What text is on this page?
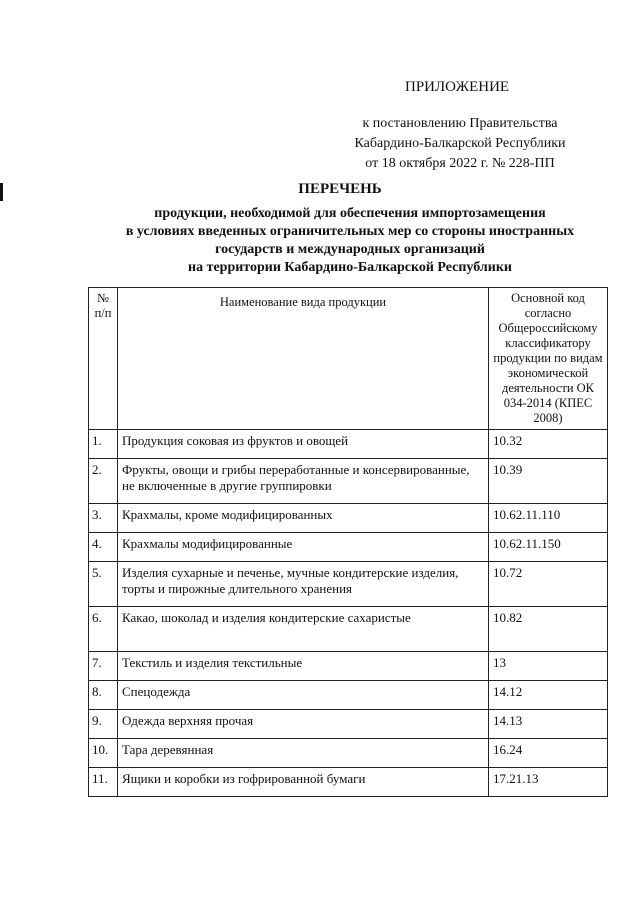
ПРИЛОЖЕНИЕ
к постановлению Правительства
Кабардино-Балкарской Республики
от 18 октября 2022 г. № 228-ПП
ПЕРЕЧЕНЬ
продукции, необходимой для обеспечения импортозамещения
в условиях введенных ограничительных мер со стороны иностранных
государств и международных организаций
на территории Кабардино-Балкарской Республики
№ п/п	Наименование вида продукции	Основной код согласно Общероссийскому классификатору продукции по видам экономической деятельности ОК 034-2014 (КПЕС 2008)
1.	Продукция соковая из фруктов и овощей	10.32
2.	Фрукты, овощи и грибы переработанные и консервированные, не включенные в другие группировки	10.39
3.	Крахмалы, кроме модифицированных	10.62.11.110
4.	Крахмалы модифицированные	10.62.11.150
5.	Изделия сухарные и печенье, мучные кондитерские изделия, торты и пирожные длительного хранения	10.72
6.	Какао, шоколад и изделия кондитерские сахаристые	10.82
7.	Текстиль и изделия текстильные	13
8.	Спецодежда	14.12
9.	Одежда верхняя прочая	14.13
10.	Тара деревянная	16.24
11.	Ящики и коробки из гофрированной бумаги	17.21.13
